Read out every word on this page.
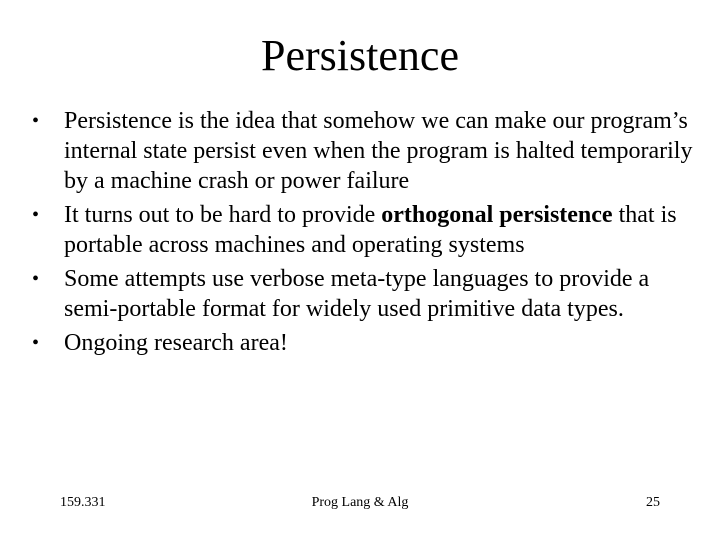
Persistence
• Persistence is the idea that somehow we can make our program’s internal state persist even when the program is halted temporarily by a machine crash or power failure
• It turns out to be hard to provide orthogonal persistence that is portable across machines and operating systems
• Some attempts use verbose meta-type languages to provide a semi-portable format for widely used primitive data types.
• Ongoing research area!
159.331	Prog Lang & Alg	25
